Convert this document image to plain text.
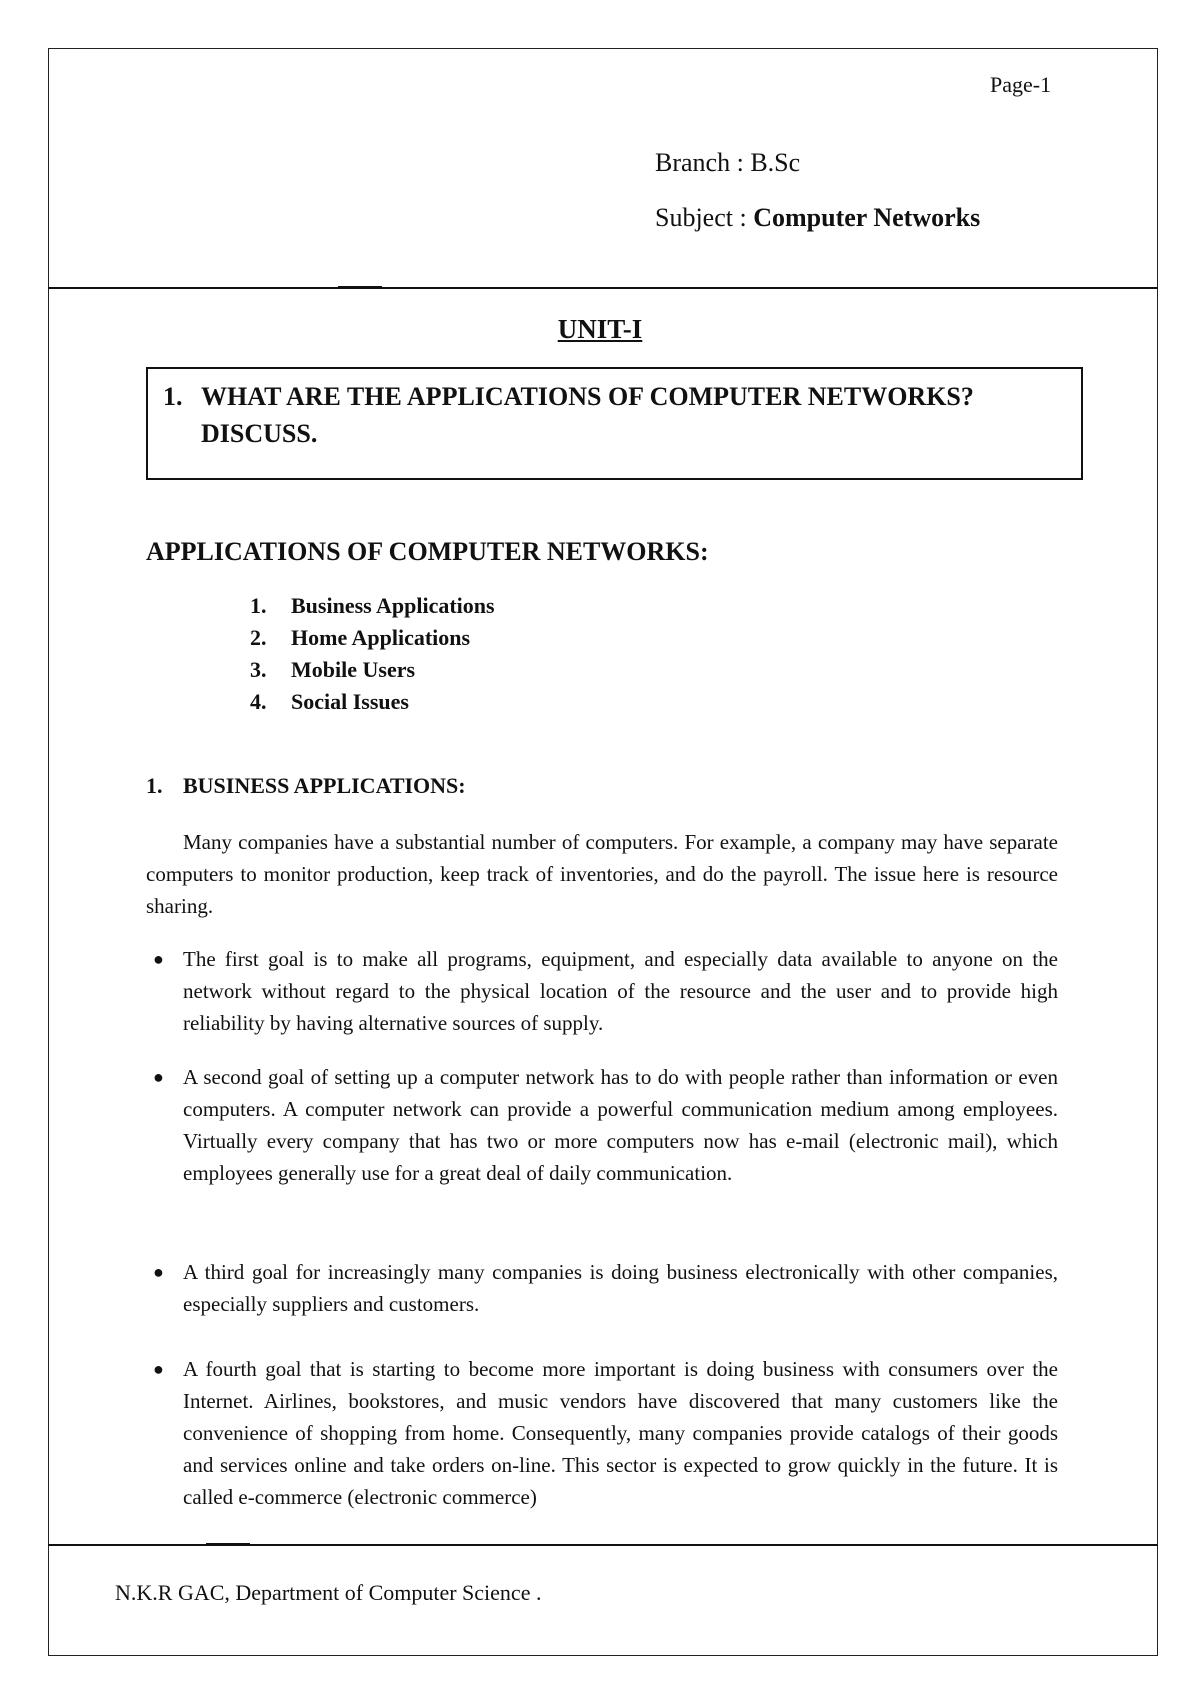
Page-1
Branch : B.Sc
Subject : Computer Networks
UNIT-I
1. WHAT ARE THE APPLICATIONS OF COMPUTER NETWORKS?
DISCUSS.
APPLICATIONS OF COMPUTER NETWORKS:
1. Business Applications
2. Home Applications
3. Mobile Users
4. Social Issues
1. BUSINESS APPLICATIONS:
Many companies have a substantial number of computers. For example, a company may have separate computers to monitor production, keep track of inventories, and do the payroll. The issue here is resource sharing.
● The first goal is to make all programs, equipment, and especially data available to anyone on the network without regard to the physical location of the resource and the user and to provide high reliability by having alternative sources of supply.
● A second goal of setting up a computer network has to do with people rather than information or even computers. A computer network can provide a powerful communication medium among employees. Virtually every company that has two or more computers now has e-mail (electronic mail), which employees generally use for a great deal of daily communication.
● A third goal for increasingly many companies is doing business electronically with other companies, especially suppliers and customers.
● A fourth goal that is starting to become more important is doing business with consumers over the Internet. Airlines, bookstores, and music vendors have discovered that many customers like the convenience of shopping from home. Consequently, many companies provide catalogs of their goods and services online and take orders on-line. This sector is expected to grow quickly in the future. It is called e-commerce (electronic commerce)
N.K.R GAC, Department of Computer Science .
